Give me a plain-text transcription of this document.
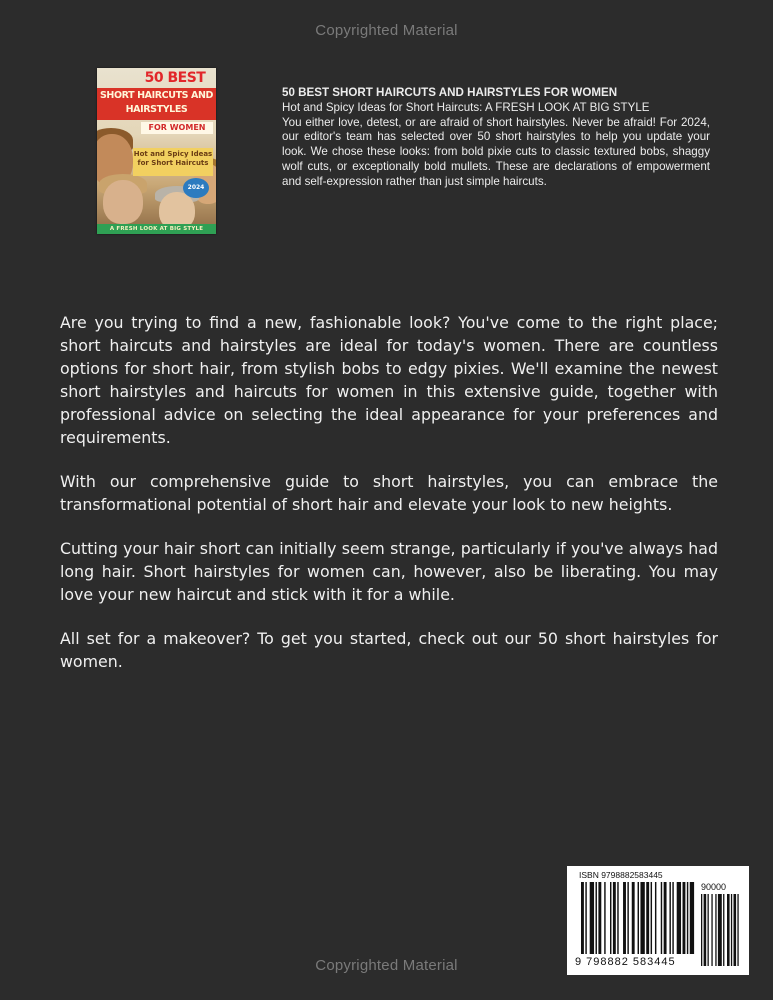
Copyrighted Material
50 BEST
SHORT HAIRCUTS AND HAIRSTYLES
FOR WOMEN
Hot and Spicy Ideas for Short Haircuts
2024
A FRESH LOOK AT BIG STYLE
50 BEST SHORT HAIRCUTS AND HAIRSTYLES FOR WOMEN
Hot and Spicy Ideas for Short Haircuts: A FRESH LOOK AT BIG STYLE
You either love, detest, or are afraid of short hairstyles. Never be afraid! For 2024, our editor's team has selected over 50 short hairstyles to help you update your look. We chose these looks: from bold pixie cuts to classic textured bobs, shaggy wolf cuts, or exceptionally bold mullets. These are declarations of empowerment and self-expression rather than just simple haircuts.

Are you trying to find a new, fashionable look? You've come to the right place; short haircuts and hairstyles are ideal for today's women. There are countless options for short hair, from stylish bobs to edgy pixies. We'll examine the newest short hairstyles and haircuts for women in this extensive guide, together with professional advice on selecting the ideal appearance for your preferences and requirements.

With our comprehensive guide to short hairstyles, you can embrace the transformational potential of short hair and elevate your look to new heights.

Cutting your hair short can initially seem strange, particularly if you've always had long hair. Short hairstyles for women can, however, also be liberating. You may love your new haircut and stick with it for a while.

All set for a makeover? To get you started, check out our 50 short hairstyles for women.

ISBN 9798882583445
90000
9 798882 583445
Copyrighted Material
